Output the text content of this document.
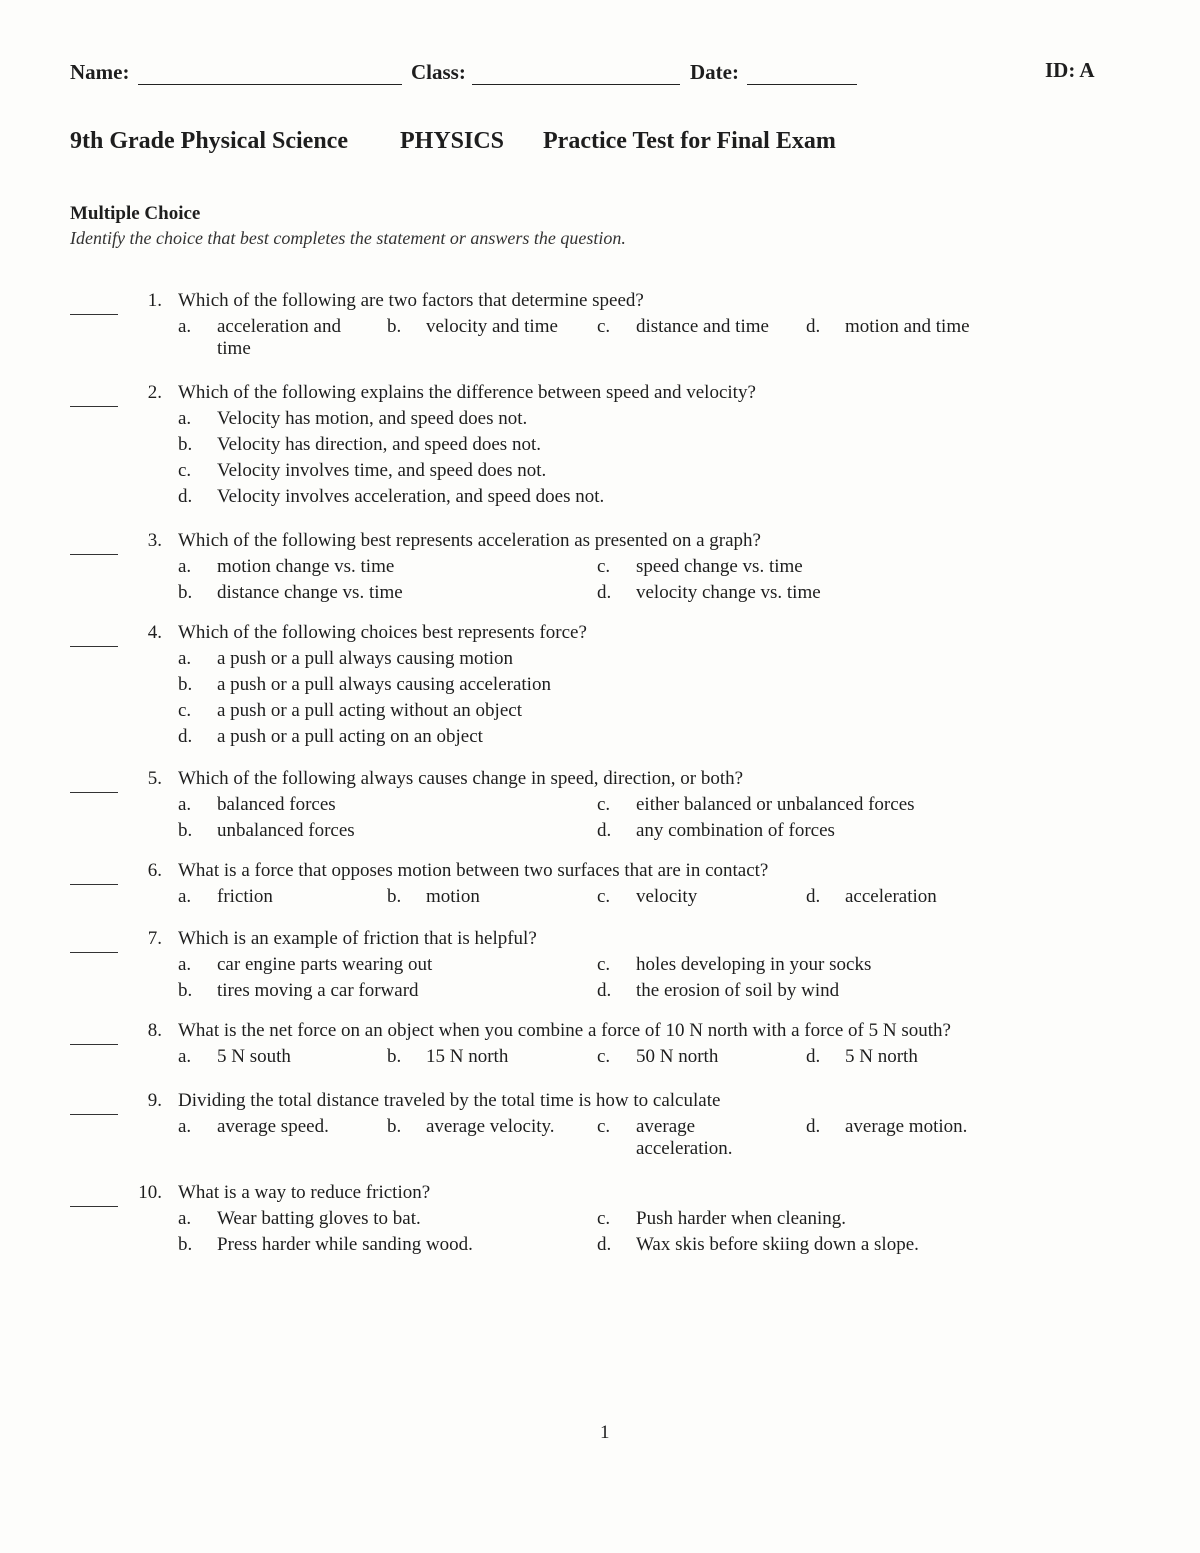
Name:	Class:	Date:	ID: A
9th Grade Physical Science PHYSICS Practice Test for Final Exam
Multiple Choice
Identify the choice that best completes the statement or answers the question.
1. Which of the following are two factors that determine speed?
a. acceleration and time
b. velocity and time	c. distance and time	d. motion and time
2. Which of the following explains the difference between speed and velocity?
a. Velocity has motion, and speed does not.
b. Velocity has direction, and speed does not.
c. Velocity involves time, and speed does not.
d. Velocity involves acceleration, and speed does not.
3. Which of the following best represents acceleration as presented on a graph?
a. motion change vs. time
b. distance change vs. time
c. speed change vs. time
d. velocity change vs. time
4. Which of the following choices best represents force?
a. a push or a pull always causing motion
b. a push or a pull always causing acceleration
c. a push or a pull acting without an object
d. a push or a pull acting on an object
5. Which of the following always causes change in speed, direction, or both?
a. balanced forces
b. unbalanced forces
c. either balanced or unbalanced forces
d. any combination of forces
6. What is a force that opposes motion between two surfaces that are in contact?
a. friction	b. motion	c. velocity	d. acceleration
7. Which is an example of friction that is helpful?
a. car engine parts wearing out
b. tires moving a car forward
c. holes developing in your socks
d. the erosion of soil by wind
8. What is the net force on an object when you combine a force of 10 N north with a force of 5 N south?
a. 5 N south	b. 15 N north	c. 50 N north	d. 5 N north
9. Dividing the total distance traveled by the total time is how to calculate
a. average speed.	b. average velocity.	c. average acceleration.
d. average motion.
10. What is a way to reduce friction?
a. Wear batting gloves to bat.
b. Press harder while sanding wood.
c. Push harder when cleaning.
d. Wax skis before skiing down a slope.
1
